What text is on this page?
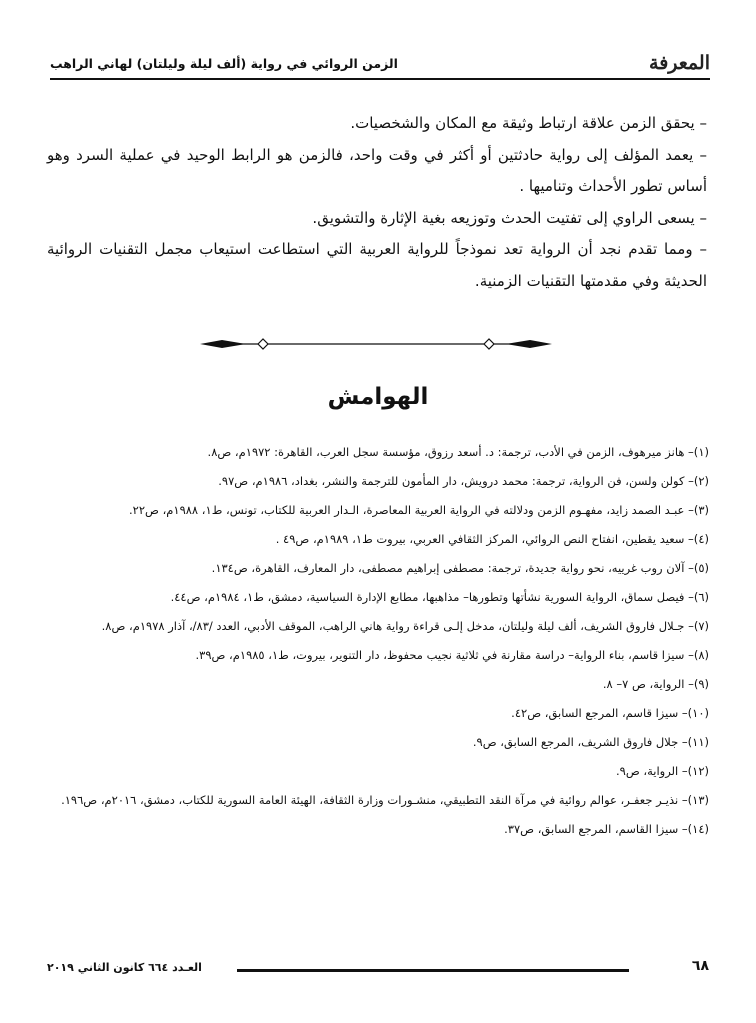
المعرفة
الزمن الروائي في رواية (ألف ليلة وليلتان) لهاني الراهب

– يحقق الزمن علاقة ارتباط وثيقة مع المكان والشخصيات.

– يعمد المؤلف إلى رواية حادثتين أو أكثر في وقت واحد، فالزمن هو الرابط الوحيد في عملية السرد وهو أساس تطور الأحداث وتناميها .

– يسعى الراوي إلى تفتيت الحدث وتوزيعه بغية الإثارة والتشويق.

– ومما تقدم نجد أن الرواية تعد نموذجاً للرواية العربية التي استطاعت استيعاب مجمل التقنيات الروائية الحديثة وفي مقدمتها التقنيات الزمنية.

الهوامش

(١)– هانز ميرهوف، الزمن في الأدب، ترجمة: د. أسعد رزوق، مؤسسة سجل العرب، القاهرة: ١٩٧٢م، ص٨.

(٢)– كولن ولسن، فن الرواية، ترجمة: محمد درويش، دار المأمون للترجمة والنشر، بغداد، ١٩٨٦م، ص٩٧.

(٣)– عبـد الصمد زايد، مفهـوم الزمن ودلالته في الرواية العربية المعاصرة، الـدار العربية للكتاب، تونس، ط١، ١٩٨٨م، ص٢٢.

(٤)– سعيد يقطين، انفتاح النص الروائي، المركز الثقافي العربي، بيروت ط١، ١٩٨٩م، ص٤٩ .

(٥)– آلان روب غرييه، نحو رواية جديدة، ترجمة: مصطفى إبراهيم مصطفى، دار المعارف، القاهرة، ص١٣٤.

(٦)– فيصل سماق، الرواية السورية نشأتها وتطورها– مذاهبها، مطابع الإدارة السياسية، دمشق، ط١، ١٩٨٤م، ص٤٤.

(٧)– جـلال فاروق الشريف، ألف ليلة وليلتان، مدخل إلـى قراءة رواية هاني الراهب، الموقف الأدبي، العدد /٨٣/، آذار ١٩٧٨م، ص٨.

(٨)– سيزا قاسم، بناء الرواية– دراسة مقارنة في ثلاثية نجيب محفوظ، دار التنوير، بيروت، ط١، ١٩٨٥م، ص٣٩.

(٩)– الرواية، ص ٧– ٨.

(١٠)– سيزا قاسم، المرجع السابق، ص٤٢.

(١١)– جلال فاروق الشريف، المرجع السابق، ص٩.

(١٢)– الرواية، ص٩.

(١٣)– نذيـر جعفـر، عوالم روائية في مرآة النقد التطبيقي، منشـورات وزارة الثقافة، الهيئة العامة السورية للكتاب، دمشق، ٢٠١٦م، ص١٩٦.

(١٤)– سيزا القاسم، المرجع السابق، ص٣٧.

٦٨
العـدد ٦٦٤ كانون الثاني ٢٠١٩
